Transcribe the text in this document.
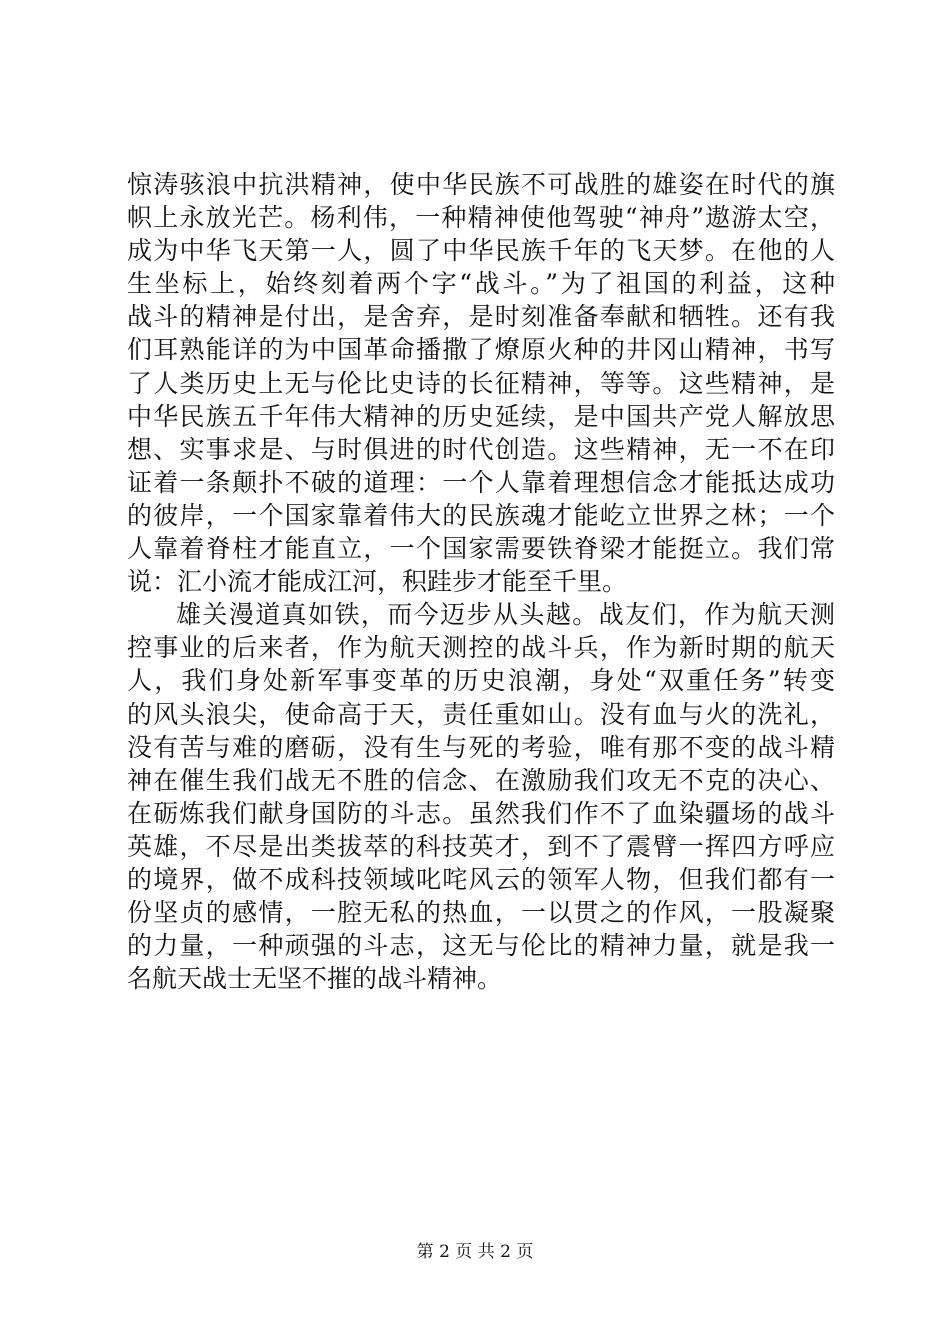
惊涛骇浪中抗洪精神，使中华民族不可战胜的雄姿在时代的旗
帜上永放光芒。杨利伟，一种精神使他驾驶“神舟”遨游太空，
成为中华飞天第一人，圆了中华民族千年的飞天梦。在他的人
生坐标上，始终刻着两个字“战斗。”为了祖国的利益，这种
战斗的精神是付出，是舍弃，是时刻准备奉献和牺牲。还有我
们耳熟能详的为中国革命播撒了燎原火种的井冈山精神，书写
了人类历史上无与伦比史诗的长征精神，等等。这些精神，是
中华民族五千年伟大精神的历史延续，是中国共产党人解放思
想、实事求是、与时俱进的时代创造。这些精神，无一不在印
证着一条颠扑不破的道理：一个人靠着理想信念才能抵达成功
的彼岸，一个国家靠着伟大的民族魂才能屹立世界之林；一个
人靠着脊柱才能直立，一个国家需要铁脊梁才能挺立。我们常
说：汇小流才能成江河，积跬步才能至千里。
雄关漫道真如铁，而今迈步从头越。战友们，作为航天测
控事业的后来者，作为航天测控的战斗兵，作为新时期的航天
人，我们身处新军事变革的历史浪潮，身处“双重任务”转变
的风头浪尖，使命高于天，责任重如山。没有血与火的洗礼，
没有苦与难的磨砺，没有生与死的考验，唯有那不变的战斗精
神在催生我们战无不胜的信念、在激励我们攻无不克的决心、
在砺炼我们献身国防的斗志。虽然我们作不了血染疆场的战斗
英雄，不尽是出类拔萃的科技英才，到不了震臂一挥四方呼应
的境界，做不成科技领域叱咤风云的领军人物，但我们都有一
份坚贞的感情，一腔无私的热血，一以贯之的作风，一股凝聚
的力量，一种顽强的斗志，这无与伦比的精神力量，就是我一
名航天战士无坚不摧的战斗精神。
第 2 页 共 2 页
